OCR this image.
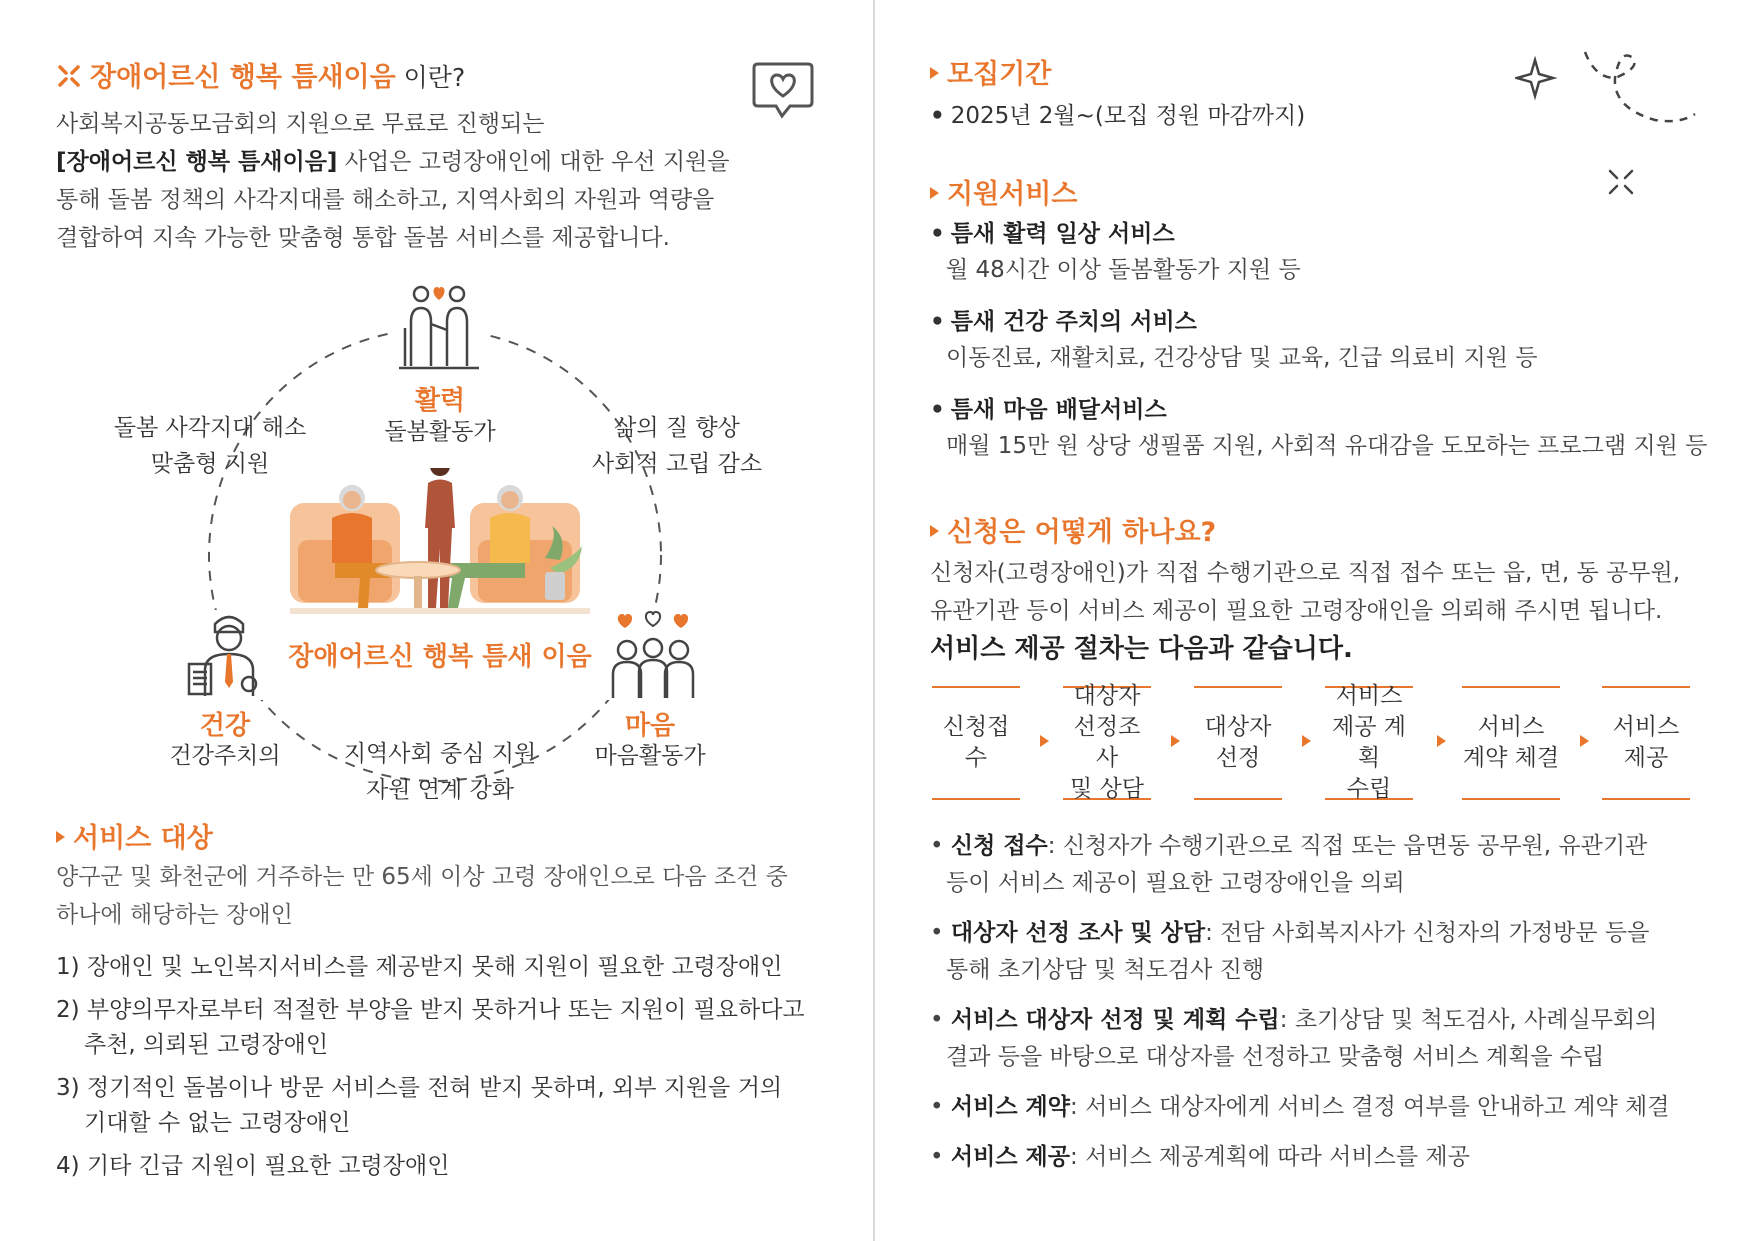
장애어르신 행복 틈새이음 이란?
사회복지공동모금회의 지원으로 무료로 진행되는
[장애어르신 행복 틈새이음] 사업은 고령장애인에 대한 우선 지원을
통해 돌봄 정책의 사각지대를 해소하고, 지역사회의 자원과 역량을
결합하여 지속 가능한 맞춤형 통합 돌봄 서비스를 제공합니다.
활력
돌봄활동가
돌봄 사각지대 해소
맞춤형 지원
삶의 질 향상
사회적 고립 감소
장애어르신 행복 틈새 이음
건강
건강주치의
마음
마음활동가
지역사회 중심 지원
자원 연계 강화
서비스 대상
양구군 및 화천군에 거주하는 만 65세 이상 고령 장애인으로 다음 조건 중
하나에 해당하는 장애인
1) 장애인 및 노인복지서비스를 제공받지 못해 지원이 필요한 고령장애인
2) 부양의무자로부터 적절한 부양을 받지 못하거나 또는 지원이 필요하다고
추천, 의뢰된 고령장애인
3) 정기적인 돌봄이나 방문 서비스를 전혀 받지 못하며, 외부 지원을 거의
기대할 수 없는 고령장애인
4) 기타 긴급 지원이 필요한 고령장애인
모집기간
• 2025년 2월~(모집 정원 마감까지)
지원서비스
• 틈새 활력 일상 서비스
월 48시간 이상 돌봄활동가 지원 등
• 틈새 건강 주치의 서비스
이동진료, 재활치료, 건강상담 및 교육, 긴급 의료비 지원 등
• 틈새 마음 배달서비스
매월 15만 원 상당 생필품 지원, 사회적 유대감을 도모하는 프로그램 지원 등
신청은 어떻게 하나요?
신청자(고령장애인)가 직접 수행기관으로 직접 접수 또는 읍, 면, 동 공무원,
유관기관 등이 서비스 제공이 필요한 고령장애인을 의뢰해 주시면 됩니다.
서비스 제공 절차는 다음과 같습니다.
신청접수
대상자
선정조사
및 상담
대상자
선정
서비스
제공 계획
수립
서비스
계약 체결
서비스
제공
• 신청 접수: 신청자가 수행기관으로 직접 또는 읍면동 공무원, 유관기관
등이 서비스 제공이 필요한 고령장애인을 의뢰
• 대상자 선정 조사 및 상담: 전담 사회복지사가 신청자의 가정방문 등을
통해 초기상담 및 척도검사 진행
• 서비스 대상자 선정 및 계획 수립: 초기상담 및 척도검사, 사례실무회의
결과 등을 바탕으로 대상자를 선정하고 맞춤형 서비스 계획을 수립
• 서비스 계약: 서비스 대상자에게 서비스 결정 여부를 안내하고 계약 체결
• 서비스 제공: 서비스 제공계획에 따라 서비스를 제공
